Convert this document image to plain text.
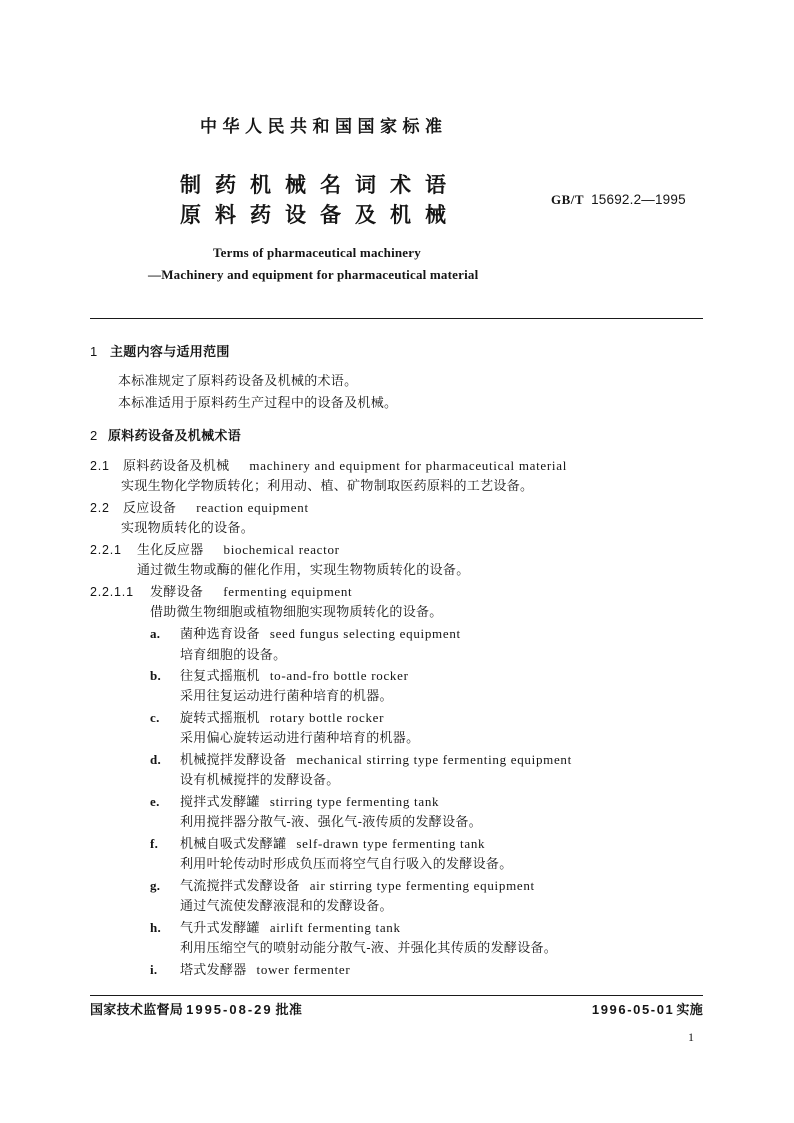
中华人民共和国国家标准
制药机械名词术语
原料药设备及机械
GB/T 15692.2—1995
Terms of pharmaceutical machinery
—Machinery and equipment for pharmaceutical material
1 主题内容与适用范围
本标准规定了原料药设备及机械的术语。
本标准适用于原料药生产过程中的设备及机械。
2 原料药设备及机械术语
2.1	原料药设备及机械 machinery and equipment for pharmaceutical material
实现生物化学物质转化；利用动、植、矿物制取医药原料的工艺设备。
2.2	反应设备 reaction equipment
实现物质转化的设备。
2.2.1	生化反应器 biochemical reactor
通过微生物或酶的催化作用，实现生物物质转化的设备。
2.2.1.1	发酵设备 fermenting equipment
借助微生物细胞或植物细胞实现物质转化的设备。
a.	菌种选育设备 seed fungus selecting equipment
培育细胞的设备。
b.	往复式摇瓶机 to-and-fro bottle rocker
采用往复运动进行菌种培育的机器。
c.	旋转式摇瓶机 rotary bottle rocker
采用偏心旋转运动进行菌种培育的机器。
d.	机械搅拌发酵设备 mechanical stirring type fermenting equipment
设有机械搅拌的发酵设备。
e.	搅拌式发酵罐 stirring type fermenting tank
利用搅拌器分散气-液、强化气-液传质的发酵设备。
f.	机械自吸式发酵罐 self-drawn type fermenting tank
利用叶轮传动时形成负压而将空气自行吸入的发酵设备。
g.	气流搅拌式发酵设备 air stirring type fermenting equipment
通过气流使发酵液混和的发酵设备。
h.	气升式发酵罐 airlift fermenting tank
利用压缩空气的喷射动能分散气-液、并强化其传质的发酵设备。
i.	塔式发酵器 tower fermenter
国家技术监督局 1995-08-29 批准	1996-05-01 实施
1
